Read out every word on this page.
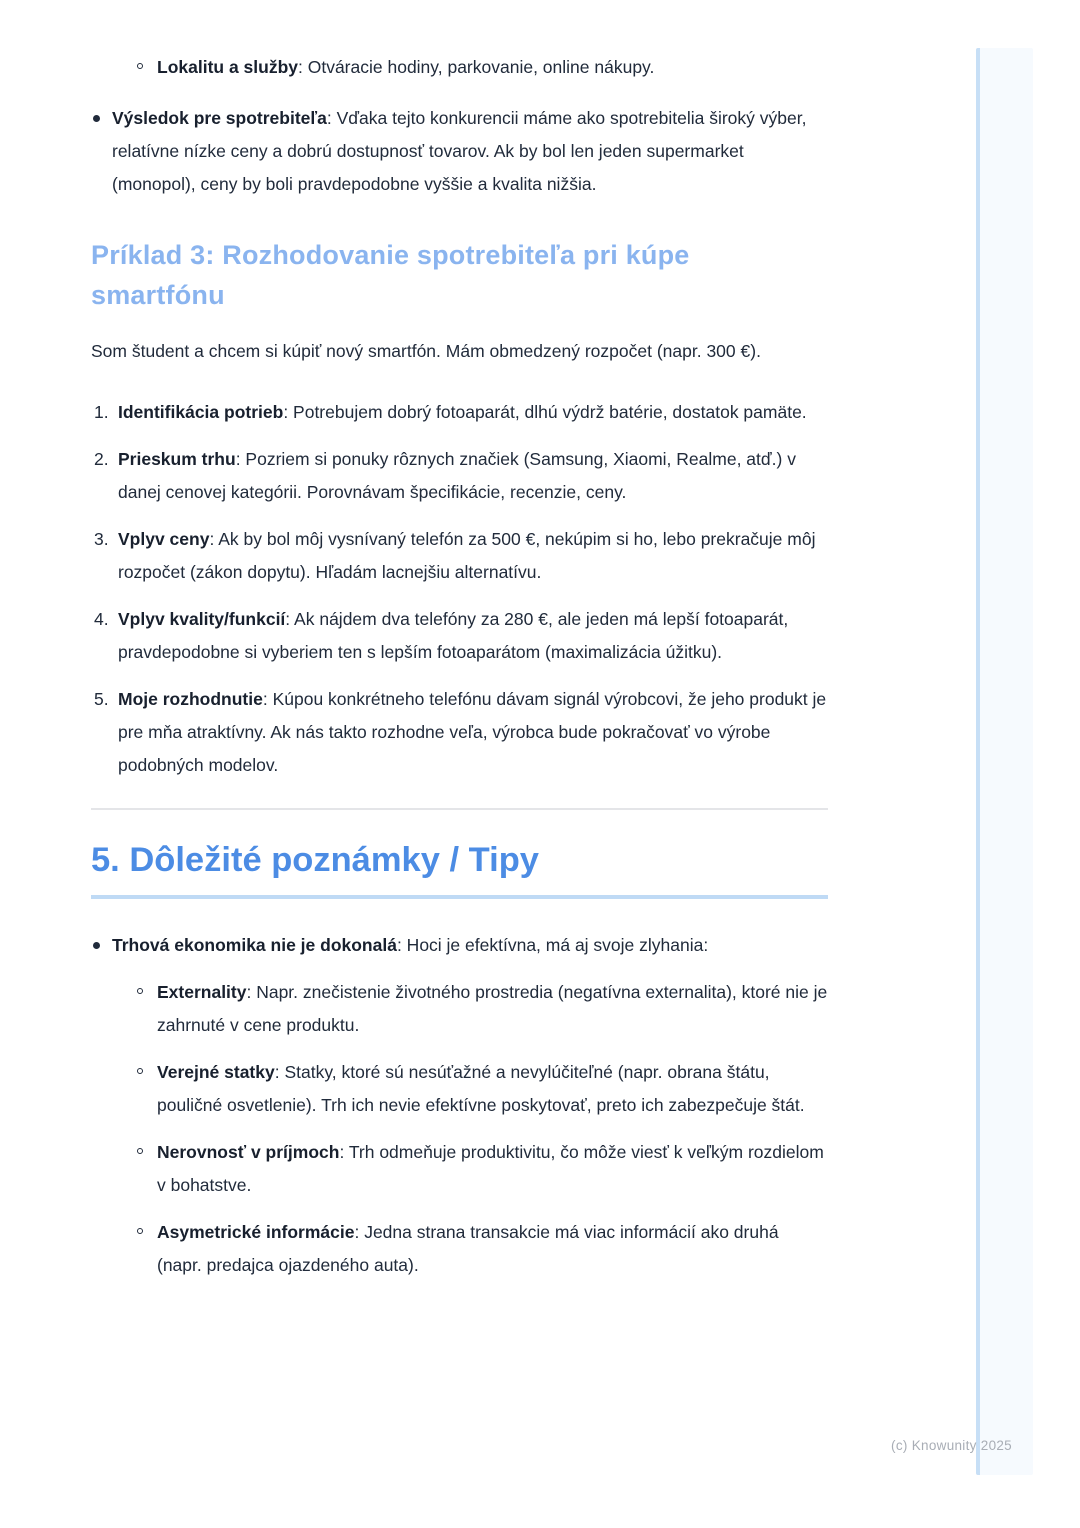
Lokalitu a služby: Otváracie hodiny, parkovanie, online nákupy.
Výsledok pre spotrebiteľa: Vďaka tejto konkurencii máme ako spotrebitelia široký výber, relatívne nízke ceny a dobrú dostupnosť tovarov. Ak by bol len jeden supermarket (monopol), ceny by boli pravdepodobne vyššie a kvalita nižšia.
Príklad 3: Rozhodovanie spotrebiteľa pri kúpe smartfónu

Som študent a chcem si kúpiť nový smartfón. Mám obmedzený rozpočet (napr. 300 €).

1. Identifikácia potrieb: Potrebujem dobrý fotoaparát, dlhú výdrž batérie, dostatok pamäte.
2. Prieskum trhu: Pozriem si ponuky rôznych značiek (Samsung, Xiaomi, Realme, atď.) v danej cenovej kategórii. Porovnávam špecifikácie, recenzie, ceny.
3. Vplyv ceny: Ak by bol môj vysnívaný telefón za 500 €, nekúpim si ho, lebo prekračuje môj rozpočet (zákon dopytu). Hľadám lacnejšiu alternatívu.
4. Vplyv kvality/funkcií: Ak nájdem dva telefóny za 280 €, ale jeden má lepší fotoaparát, pravdepodobne si vyberiem ten s lepším fotoaparátom (maximalizácia úžitku).
5. Moje rozhodnutie: Kúpou konkrétneho telefónu dávam signál výrobcovi, že jeho produkt je pre mňa atraktívny. Ak nás takto rozhodne veľa, výrobca bude pokračovať vo výrobe podobných modelov.
5. Dôležité poznámky / Tipy
Trhová ekonomika nie je dokonalá: Hoci je efektívna, má aj svoje zlyhania:
Externality: Napr. znečistenie životného prostredia (negatívna externalita), ktoré nie je zahrnuté v cene produktu.
Verejné statky: Statky, ktoré sú nesúťažné a nevylúčiteľné (napr. obrana štátu, pouličné osvetlenie). Trh ich nevie efektívne poskytovať, preto ich zabezpečuje štát.
Nerovnosť v príjmoch: Trh odmeňuje produktivitu, čo môže viesť k veľkým rozdielom v bohatstve.
Asymetrické informácie: Jedna strana transakcie má viac informácií ako druhá (napr. predajca ojazdeného auta).
(c) Knowunity 2025
